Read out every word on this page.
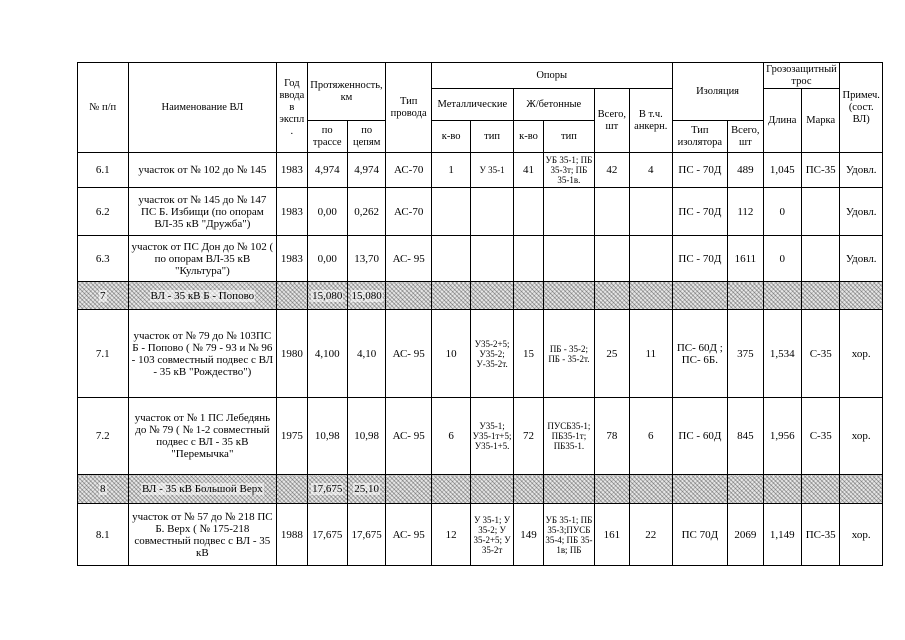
№ п/п	Наименование ВЛ	Год ввода в экспл.	Протяженность, км		Тип провода	Опоры						Изоляция		Грозозащитный трос		Примеч. (сост. ВЛ)
						Металлические		Ж/бетонные		Всего, шт	В т.ч. анкерн.			Длина	Марка	
			по трассе	по цепям		к-во	тип	к-во	тип			Тип изолятора	Всего, шт			
6.1	участок от № 102 до № 145	1983	4,974	4,974	АС-70	1	У 35-1	41	УБ 35-1; ПБ 35-3т; ПБ 35-1в.	42	4	ПС - 70Д	489	1,045	ПС-35	Удовл.
6.2	участок от № 145 до № 147 ПС Б. Избищи (по опорам ВЛ-35 кВ "Дружба")	1983	0,00	0,262	АС-70							ПС - 70Д	112	0		Удовл.
6.3	участок от ПС Дон до № 102 ( по опорам ВЛ-35 кВ "Культура")	1983	0,00	13,70	АС- 95							ПС - 70Д	1611	0		Удовл.
7	ВЛ - 35 кВ Б - Попово		15,080	15,080												
7.1	участок от № 79 до № 103ПС Б - Попово ( № 79 - 93 и № 96 - 103 совместный подвес с ВЛ - 35 кВ "Рождество")	1980	4,100	4,10	АС- 95	10	У35-2+5; У35-2; У-35-2т.	15	ПБ - 35-2; ПБ - 35-2т.	25	11	ПС- 60Д ; ПС- 6Б.	375	1,534	С-35	хор.
7.2	участок от № 1 ПС Лебедянь до № 79 ( № 1-2 совместный подвес с ВЛ - 35 кВ "Перемычка"	1975	10,98	10,98	АС- 95	6	У35-1; У35-1т+5; У35-1+5.	72	ПУСБ35-1; ПБ35-1т; ПБ35-1.	78	6	ПС - 60Д	845	1,956	С-35	хор.
8	ВЛ - 35 кВ Большой Верх		17,675	25,10												
8.1	участок от № 57 до № 218 ПС Б. Верх ( № 175-218 совместный подвес с ВЛ - 35 кВ	1988	17,675	17,675	АС- 95	12	У 35-1; У 35-2; У 35-2+5; У 35-2т	149	УБ 35-1; ПБ 35-3;ПУСБ 35-4; ПБ 35-1в; ПБ	161	22	ПС 70Д	2069	1,149	ПС-35	хор.
